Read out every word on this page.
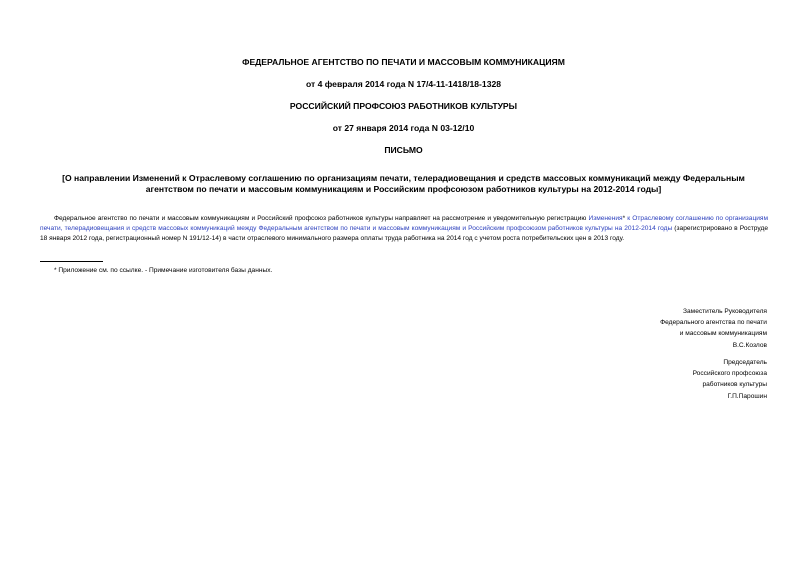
ФЕДЕРАЛЬНОЕ АГЕНТСТВО ПО ПЕЧАТИ И МАССОВЫМ КОММУНИКАЦИЯМ
от 4 февраля 2014 года N 17/4-11-1418/18-1328
РОССИЙСКИЙ ПРОФСОЮЗ РАБОТНИКОВ КУЛЬТУРЫ
от 27 января 2014 года N 03-12/10
ПИСЬМО
[О направлении Изменений к Отраслевому соглашению по организациям печати, телерадиовещания и средств массовых коммуникаций между Федеральным
агентством по печати и массовым коммуникациям и Российским профсоюзом работников культуры на 2012-2014 годы]
Федеральное агентство по печати и массовым коммуникациям и Российский профсоюз работников культуры направляет на рассмотрение и уведомительную регистрацию Изменения* к Отраслевому соглашению по организациям печати, телерадиовещания и средств массовых коммуникаций между Федеральным агентством по печати и массовым коммуникациям и Российским профсоюзом работников культуры на 2012-2014 годы (зарегистрировано в Роструде 18 января 2012 года, регистрационный номер N 191/12-14) в части отраслевого минимального размера оплаты труда работника на 2014 год с учетом роста потребительских цен в 2013 году.
* Приложение см. по ссылке. - Примечание изготовителя базы данных.
Заместитель Руководителя
Федерального агентства по печати
и массовым коммуникациям
В.С.Козлов
Председатель
Российского профсоюза
работников культуры
Г.П.Парошин
